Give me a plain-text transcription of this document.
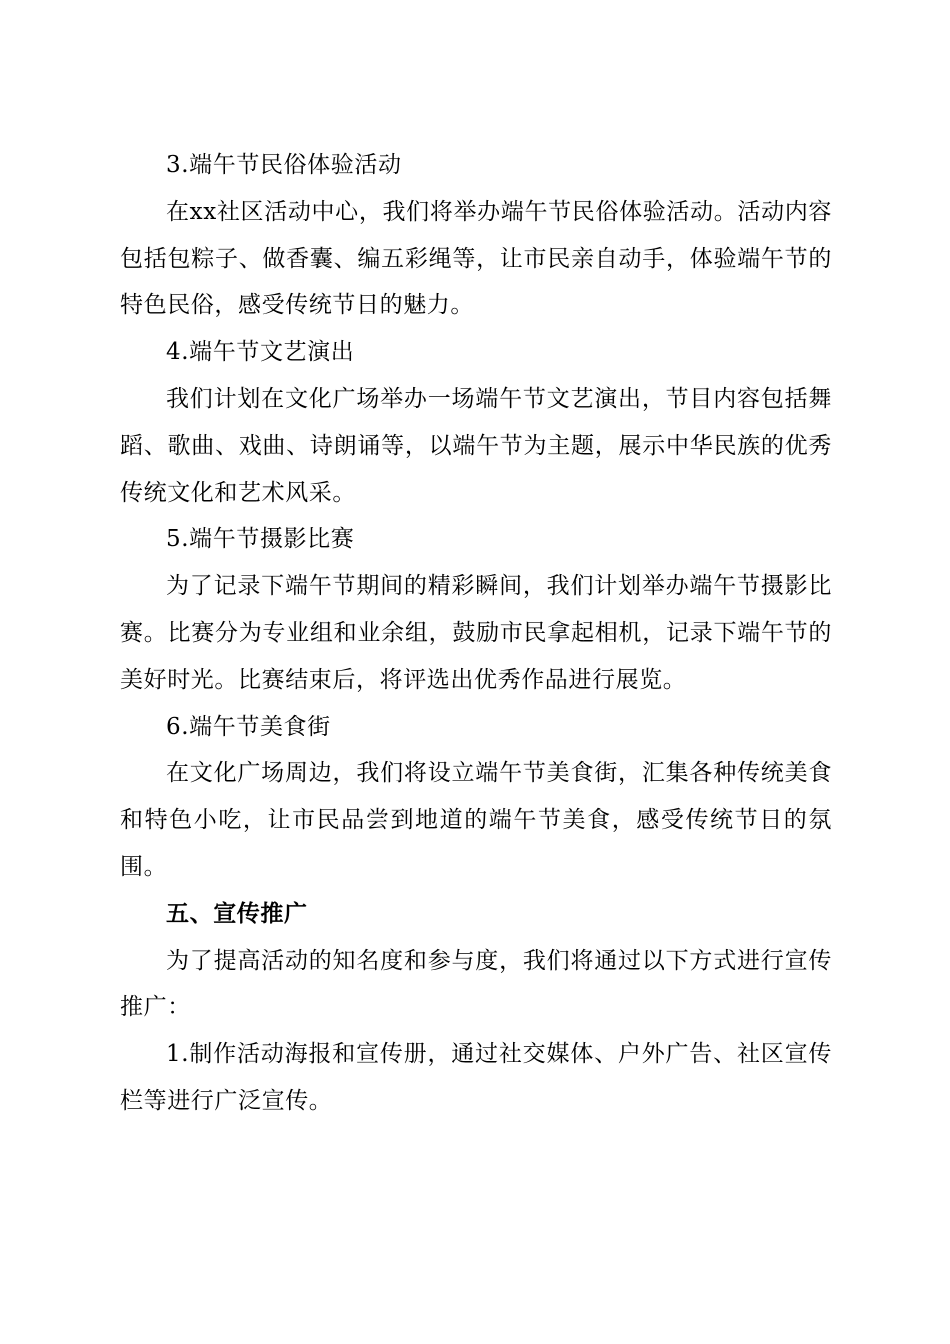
3.端午节民俗体验活动

在xx社区活动中心，我们将举办端午节民俗体验活动。活动内容包括包粽子、做香囊、编五彩绳等，让市民亲自动手，体验端午节的特色民俗，感受传统节日的魅力。

4.端午节文艺演出

我们计划在文化广场举办一场端午节文艺演出，节目内容包括舞蹈、歌曲、戏曲、诗朗诵等，以端午节为主题，展示中华民族的优秀传统文化和艺术风采。

5.端午节摄影比赛

为了记录下端午节期间的精彩瞬间，我们计划举办端午节摄影比赛。比赛分为专业组和业余组，鼓励市民拿起相机，记录下端午节的美好时光。比赛结束后，将评选出优秀作品进行展览。

6.端午节美食街

在文化广场周边，我们将设立端午节美食街，汇集各种传统美食和特色小吃，让市民品尝到地道的端午节美食，感受传统节日的氛围。

五、宣传推广

为了提高活动的知名度和参与度，我们将通过以下方式进行宣传推广：

1.制作活动海报和宣传册，通过社交媒体、户外广告、社区宣传栏等进行广泛宣传。
